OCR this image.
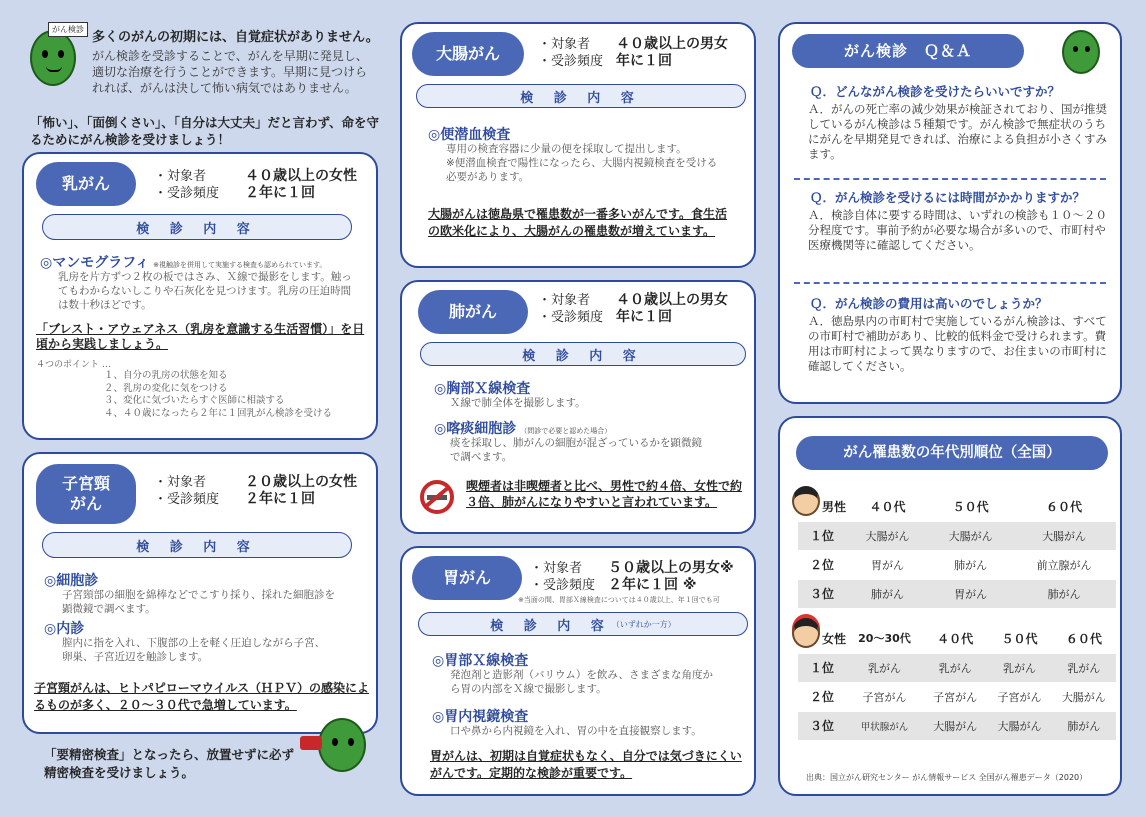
がん検診
多くのがんの初期には、自覚症状がありません。
がん検診を受診することで、がんを早期に発見し、適切な治療を行うことができます。早期に見つけられれば、がんは決して怖い病気ではありません。
「怖い」、「面倒くさい」、「自分は大丈夫」だと言わず、命を守るためにがん検診を受けましょう！
乳がん	・対象者　　　	４０歳以上の女性
・受診頻度　　 ２年に１回
検 診 内 容
◎マンモグラフィ ※視触診を併用して実施する検査も認められています。
乳房を片方ずつ２枚の板ではさみ、Ｘ線で撮影をします。触ってもわからないしこりや石灰化を見つけます。乳房の圧迫時間は数十秒ほどです。
「ブレスト・アウェアネス（乳房を意識する生活習慣）」を日頃から実践しましょう。
４つのポイント …
１、自分の乳房の状態を知る
２、乳房の変化に気をつける
３、変化に気づいたらすぐ医師に相談する
４、４０歳になったら２年に１回乳がん検診を受ける
子宮頸がん
・対象者　　　	２０歳以上の女性
・受診頻度　　 ２年に１回
検 診 内 容
◎細胞診
子宮頸部の細胞を綿棒などでこすり採り、採れた細胞診を顕微鏡で調べます。
◎内診
膣内に指を入れ、下腹部の上を軽く圧迫しながら子宮、卵巣、子宮近辺を触診します。
子宮頸がんは、ヒトパピローマウイルス（ＨＰＶ）の感染によるものが多く、２０～３０代で急増しています。
「要精密検査」となったら、放置せずに必ず精密検査を受けましょう。
大腸がん	・対象者　　 ４０歳以上の男女
・受診頻度　 年に１回
検 診 内 容
◎便潜血検査
専用の検査容器に少量の便を採取して提出します。
※便潜血検査で陽性になったら、大腸内視鏡検査を受ける必要があります。
大腸がんは徳島県で罹患数が一番多いがんです。食生活の欧米化により、大腸がんの罹患数が増えています。
肺がん
・対象者　　 ４０歳以上の男女
・受診頻度　 年に１回
検 診 内 容
◎胸部Ｘ線検査
Ｘ線で肺全体を撮影します。
◎喀痰細胞診 （問診で必要と認めた場合）
痰を採取し、肺がんの細胞が混ざっているかを顕微鏡で調べます。
喫煙者は非喫煙者と比べ、男性で約４倍、女性で約３倍、肺がんになりやすいと言われています。
胃がん	・対象者　　 ５０歳以上の男女※
・受診頻度　 ２年に１回 ※
※当面の間、胃部Ｘ線検査については４０歳以上、年１回でも可
検 診 内 容 （いずれか一方）
◎胃部Ｘ線検査
発泡剤と造影剤（バリウム）を飲み、さまざまな角度から胃の内部をＸ線で撮影します。
◎胃内視鏡検査
口や鼻から内視鏡を入れ、胃の中を直接観察します。
胃がんは、初期は自覚症状もなく、自分では気づきにくいがんです。定期的な検診が重要です。
がん検診　Ｑ＆Ａ
Ｑ．どんながん検診を受けたらいいですか？
Ａ．がんの死亡率の減少効果が検証されており、国が推奨しているがん検診は５種類です。がん検診で無症状のうちにがんを早期発見できれば、治療による負担が小さくすみます。
Ｑ．がん検診を受けるには時間がかかりますか？
Ａ．検診自体に要する時間は、いずれの検診も１０～２０分程度です。事前予約が必要な場合が多いので、市町村や医療機関等に確認してください。
Ｑ．がん検診の費用は高いのでしょうか？
Ａ．徳島県内の市町村で実施しているがん検診は、すべての市町村で補助があり、比較的低料金で受けられます。費用は市町村によって異なりますので、お住まいの市町村に確認してください。
がん罹患数の年代別順位（全国）
男性	４０代	５０代	６０代
１位	大腸がん	大腸がん	大腸がん
２位	胃がん	肺がん	前立腺がん
３位	肺がん	胃がん	肺がん
女性	20～30代	４０代	５０代	６０代
１位	乳がん	乳がん	乳がん	乳がん
２位	子宮がん	子宮がん	子宮がん	大腸がん
３位	甲状腺がん	大腸がん	大腸がん	肺がん
出典：国立がん研究センター がん情報サービス 全国がん罹患データ（2020）
